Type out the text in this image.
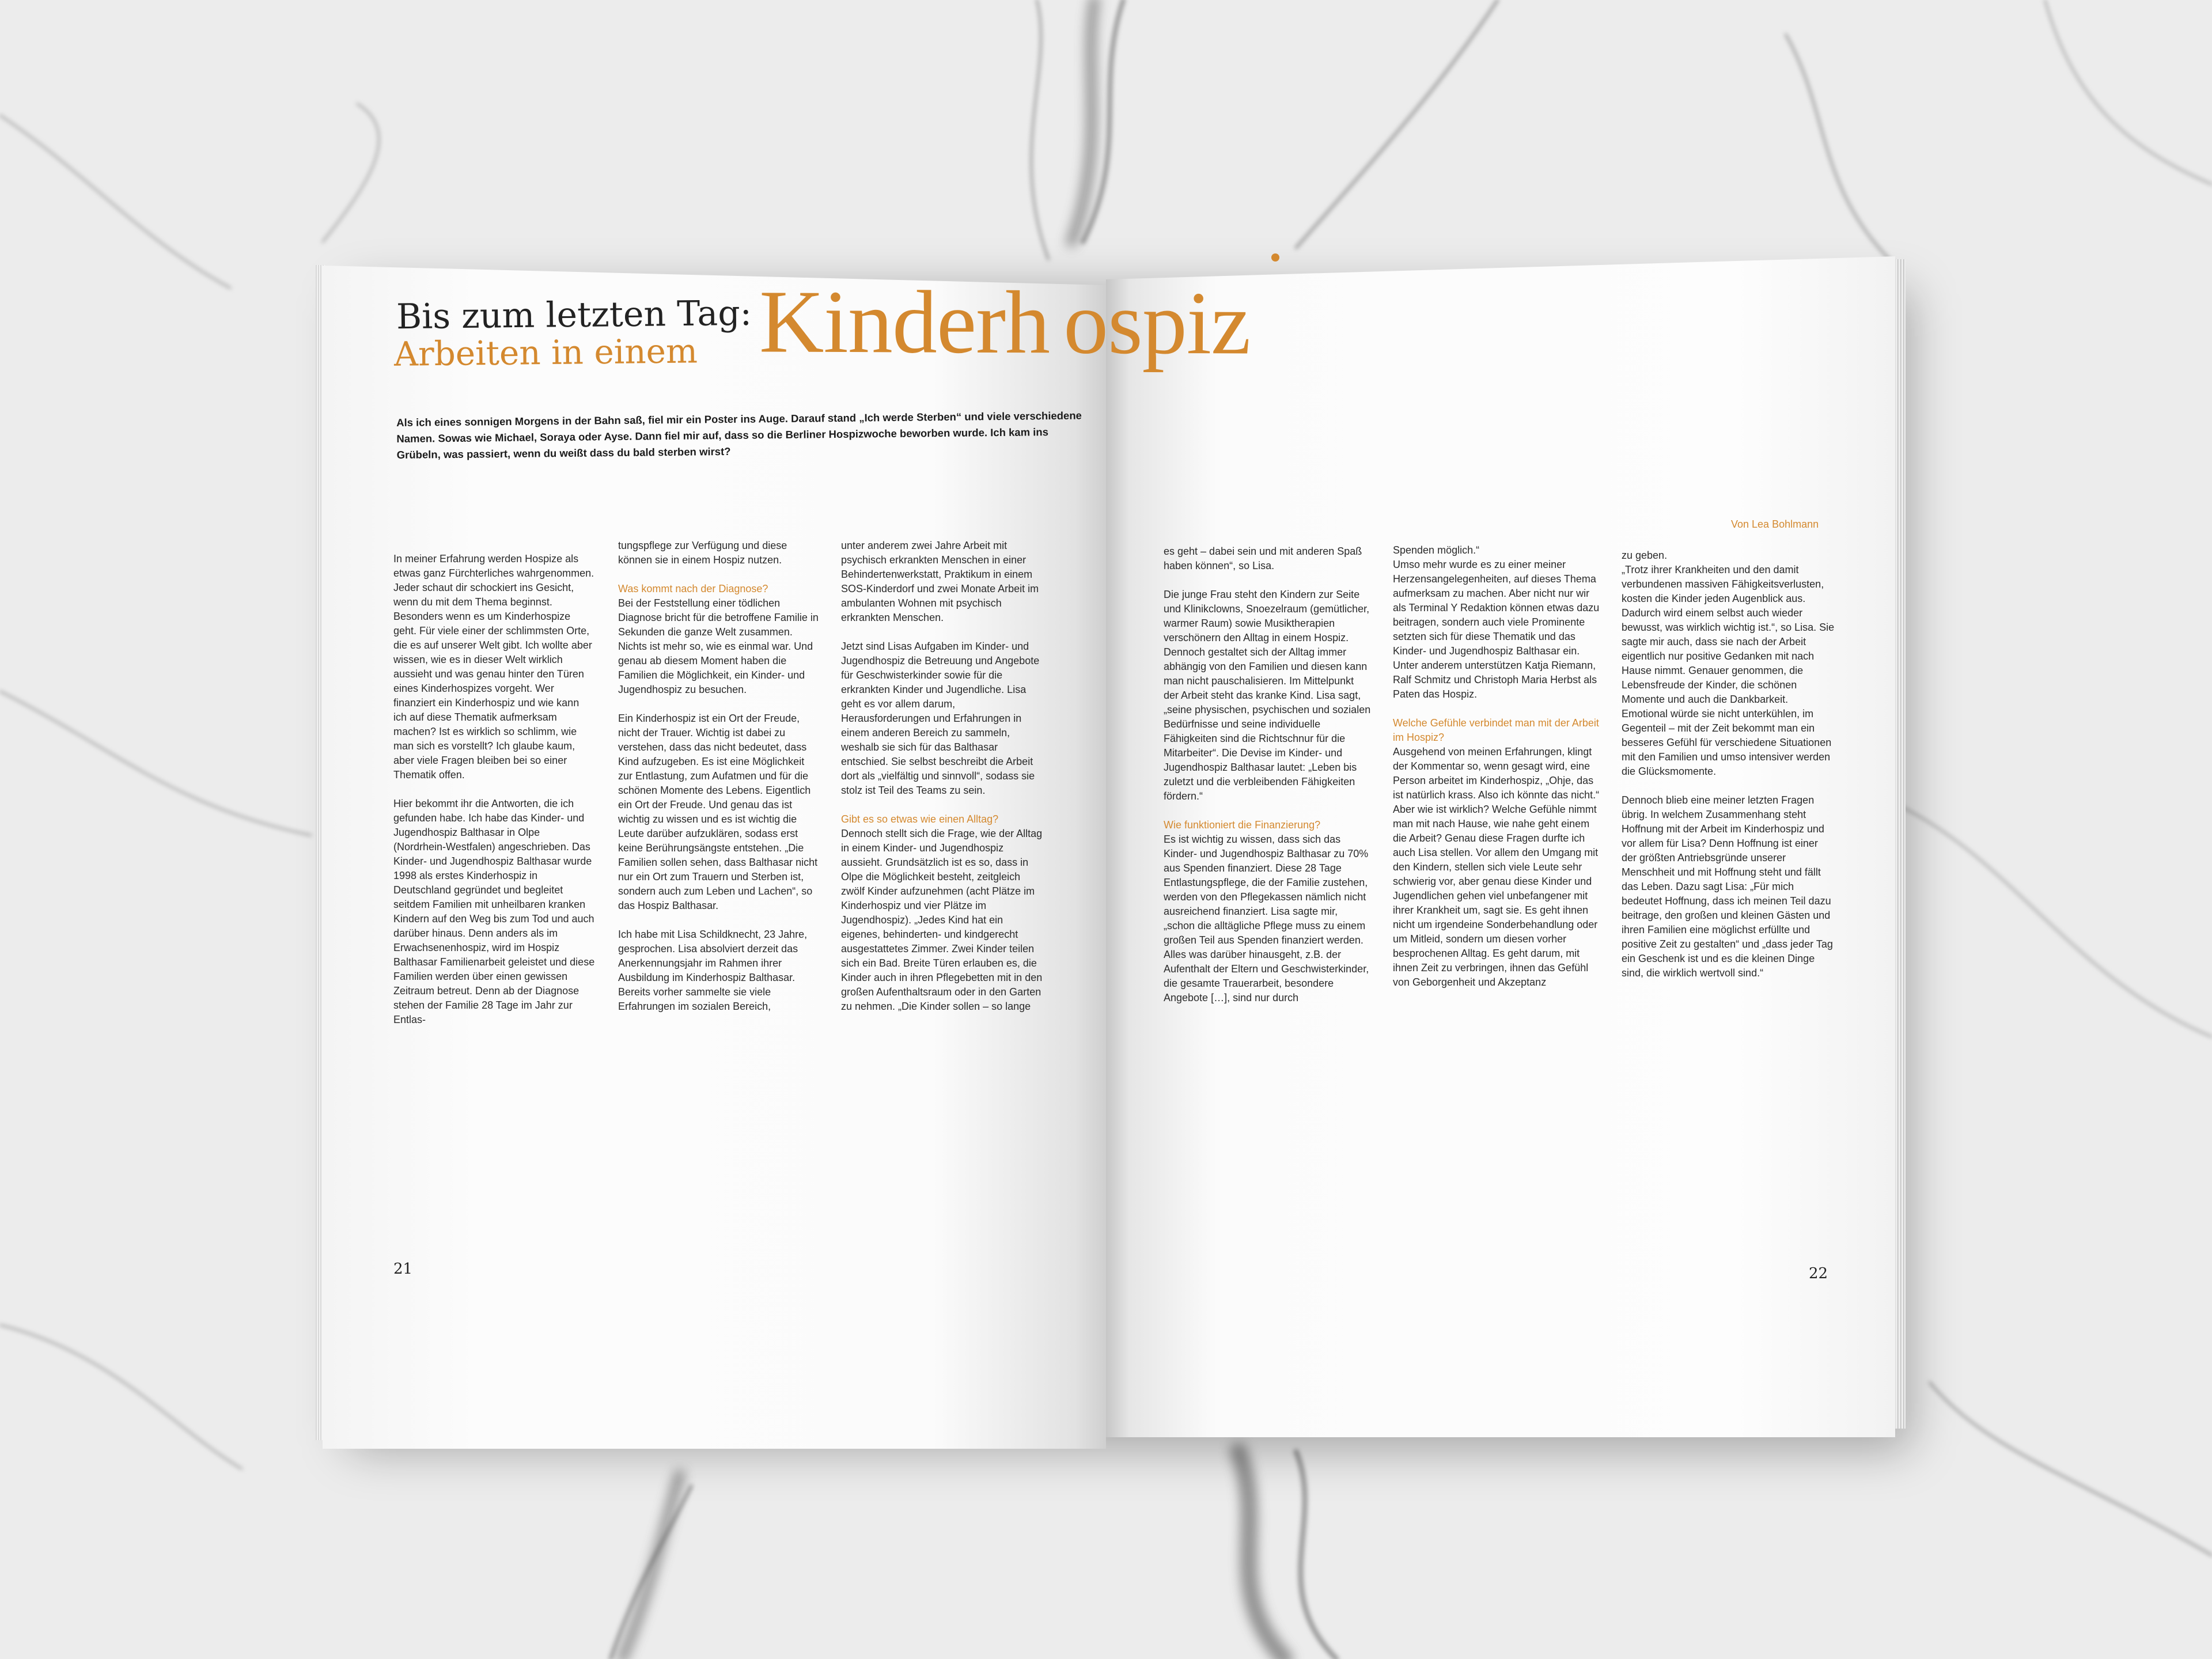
Bis zum letzten Tag:
Arbeiten in einem Kinderh ospiz
Als ich eines sonnigen Morgens in der Bahn saß, fiel mir ein Poster ins Auge. Darauf stand „Ich werde Sterben“ und viele verschiedene Namen. Sowas wie Michael, Soraya oder Ayse. Dann fiel mir auf, dass so die Berliner Hospizwoche beworben wurde. Ich kam ins Grübeln, was passiert, wenn du weißt dass du bald sterben wirst?
Von Lea Bohlmann

In meiner Erfahrung werden Hospize als etwas ganz Fürchterliches wahrgenommen. Jeder schaut dir schockiert ins Gesicht, wenn du mit dem Thema beginnst. Besonders wenn es um Kinderhospize geht. Für viele einer der schlimmsten Orte, die es auf unserer Welt gibt. Ich wollte aber wissen, wie es in dieser Welt wirklich aussieht und was genau hinter den Türen eines Kinderhospizes vorgeht. Wer finanziert ein Kinderhospiz und wie kann ich auf diese Thematik aufmerksam machen? Ist es wirklich so schlimm, wie man sich es vorstellt? Ich glaube kaum, aber viele Fragen bleiben bei so einer Thematik offen.

Hier bekommt ihr die Antworten, die ich gefunden habe. Ich habe das Kinder- und Jugendhospiz Balthasar in Olpe (Nordrhein-Westfalen) angeschrieben. Das Kinder- und Jugendhospiz Balthasar wurde 1998 als erstes Kinderhospiz in Deutschland gegründet und begleitet seitdem Familien mit unheilbaren kranken Kindern auf den Weg bis zum Tod und auch darüber hinaus. Denn anders als im Erwachsenenhospiz, wird im Hospiz Balthasar Familienarbeit geleistet und diese Familien werden über einen gewissen Zeitraum betreut. Denn ab der Diagnose stehen der Familie 28 Tage im Jahr zur Entlas-

tungspflege zur Verfügung und diese können sie in einem Hospiz nutzen.

Was kommt nach der Diagnose?

Bei der Feststellung einer tödlichen Diagnose bricht für die betroffene Familie in Sekunden die ganze Welt zusammen. Nichts ist mehr so, wie es einmal war. Und genau ab diesem Moment haben die Familien die Möglichkeit, ein Kinder- und Jugendhospiz zu besuchen.

Ein Kinderhospiz ist ein Ort der Freude, nicht der Trauer. Wichtig ist dabei zu verstehen, dass das nicht bedeutet, dass Kind aufzugeben. Es ist eine Möglichkeit zur Entlastung, zum Aufatmen und für die schönen Momente des Lebens. Eigentlich ein Ort der Freude. Und genau das ist wichtig zu wissen und es ist wichtig die Leute darüber aufzuklären, sodass erst keine Berührungsängste entstehen. „Die Familien sollen sehen, dass Balthasar nicht nur ein Ort zum Trauern und Sterben ist, sondern auch zum Leben und Lachen“, so das Hospiz Balthasar.

Ich habe mit Lisa Schildknecht, 23 Jahre, gesprochen. Lisa absolviert derzeit das Anerkennungsjahr im Rahmen ihrer Ausbildung im Kinderhospiz Balthasar. Bereits vorher sammelte sie viele Erfahrungen im sozialen Bereich,

unter anderem zwei Jahre Arbeit mit psychisch erkrankten Menschen in einer Behindertenwerkstatt, Praktikum in einem SOS-Kinderdorf und zwei Monate Arbeit im ambulanten Wohnen mit psychisch erkrankten Menschen.

Jetzt sind Lisas Aufgaben im Kinder- und Jugendhospiz die Betreuung und Angebote für Geschwisterkinder sowie für die erkrankten Kinder und Jugendliche. Lisa geht es vor allem darum, Herausforderungen und Erfahrungen in einem anderen Bereich zu sammeln, weshalb sie sich für das Balthasar entschied. Sie selbst beschreibt die Arbeit dort als „vielfältig und sinnvoll“, sodass sie stolz ist Teil des Teams zu sein.

Gibt es so etwas wie einen Alltag?

Dennoch stellt sich die Frage, wie der Alltag in einem Kinder- und Jugendhospiz aussieht. Grundsätzlich ist es so, dass in Olpe die Möglichkeit besteht, zeitgleich zwölf Kinder aufzunehmen (acht Plätze im Kinderhospiz und vier Plätze im Jugendhospiz). „Jedes Kind hat ein eigenes, behinderten- und kindgerecht ausgestattetes Zimmer. Zwei Kinder teilen sich ein Bad. Breite Türen erlauben es, die Kinder auch in ihren Pflegebetten mit in den großen Aufenthaltsraum oder in den Garten zu nehmen. „Die Kinder sollen – so lange

es geht – dabei sein und mit anderen Spaß haben können“, so Lisa.

Die junge Frau steht den Kindern zur Seite und Klinikclowns, Snoezelraum (gemütlicher, warmer Raum) sowie Musiktherapien verschönern den Alltag in einem Hospiz. Dennoch gestaltet sich der Alltag immer abhängig von den Familien und diesen kann man nicht pauschalisieren. Im Mittelpunkt der Arbeit steht das kranke Kind. Lisa sagt, „seine physischen, psychischen und sozialen Bedürfnisse und seine individuelle Fähigkeiten sind die Richtschnur für die Mitarbeiter“. Die Devise im Kinder- und Jugendhospiz Balthasar lautet: „Leben bis zuletzt und die verbleibenden Fähigkeiten fördern.“

Wie funktioniert die Finanzierung?

Es ist wichtig zu wissen, dass sich das Kinder- und Jugendhospiz Balthasar zu 70% aus Spenden finanziert. Diese 28 Tage Entlastungspflege, die der Familie zustehen, werden von den Pflegekassen nämlich nicht ausreichend finanziert. Lisa sagte mir, „schon die alltägliche Pflege muss zu einem großen Teil aus Spenden finanziert werden. Alles was darüber hinausgeht, z.B. der Aufenthalt der Eltern und Geschwisterkinder, die gesamte Trauerarbeit, besondere Angebote […], sind nur durch

Spenden möglich.“

Umso mehr wurde es zu einer meiner Herzensangelegenheiten, auf dieses Thema aufmerksam zu machen. Aber nicht nur wir als Terminal Y Redaktion können etwas dazu beitragen, sondern auch viele Prominente setzten sich für diese Thematik und das Kinder- und Jugendhospiz Balthasar ein. Unter anderem unterstützen Katja Riemann, Ralf Schmitz und Christoph Maria Herbst als Paten das Hospiz.

Welche Gefühle verbindet man mit der Arbeit im Hospiz?

Ausgehend von meinen Erfahrungen, klingt der Kommentar so, wenn gesagt wird, eine Person arbeitet im Kinderhospiz, „Ohje, das ist natürlich krass. Also ich könnte das nicht.“ Aber wie ist wirklich? Welche Gefühle nimmt man mit nach Hause, wie nahe geht einem die Arbeit? Genau diese Fragen durfte ich auch Lisa stellen. Vor allem den Umgang mit den Kindern, stellen sich viele Leute sehr schwierig vor, aber genau diese Kinder und Jugendlichen gehen viel unbefangener mit ihrer Krankheit um, sagt sie. Es geht ihnen nicht um irgendeine Sonderbehandlung oder um Mitleid, sondern um diesen vorher besprochenen Alltag. Es geht darum, mit ihnen Zeit zu verbringen, ihnen das Gefühl von Geborgenheit und Akzeptanz

zu geben.

„Trotz ihrer Krankheiten und den damit verbundenen massiven Fähigkeitsverlusten, kosten die Kinder jeden Augenblick aus. Dadurch wird einem selbst auch wieder bewusst, was wirklich wichtig ist.“, so Lisa. Sie sagte mir auch, dass sie nach der Arbeit eigentlich nur positive Gedanken mit nach Hause nimmt. Genauer genommen, die Lebensfreude der Kinder, die schönen Momente und auch die Dankbarkeit. Emotional würde sie nicht unterkühlen, im Gegenteil – mit der Zeit bekommt man ein besseres Gefühl für verschiedene Situationen mit den Familien und umso intensiver werden die Glücksmomente.

Dennoch blieb eine meiner letzten Fragen übrig. In welchem Zusammenhang steht Hoffnung mit der Arbeit im Kinderhospiz und vor allem für Lisa? Denn Hoffnung ist einer der größten Antriebsgründe unserer Menschheit und mit Hoffnung steht und fällt das Leben. Dazu sagt Lisa: „Für mich bedeutet Hoffnung, dass ich meinen Teil dazu beitrage, den großen und kleinen Gästen und ihren Familien eine möglichst erfüllte und positive Zeit zu gestalten“ und „dass jeder Tag ein Geschenk ist und es die kleinen Dinge sind, die wirklich wertvoll sind.“

21	22
